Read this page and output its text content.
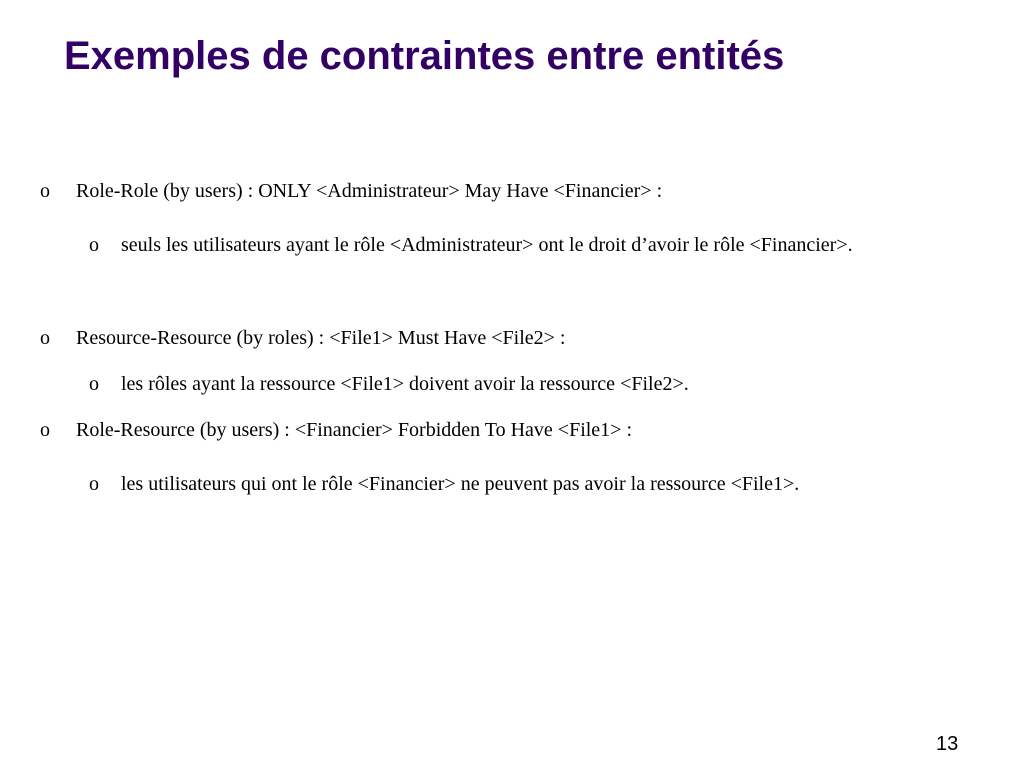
Exemples de contraintes entre entités
o Role-Role (by users) : ONLY <Administrateur> May Have <Financier> :
o seuls les utilisateurs ayant le rôle <Administrateur> ont le droit d’avoir le rôle <Financier>.
o Resource-Resource (by roles) : <File1> Must Have <File2> :
o les rôles ayant la ressource <File1> doivent avoir la ressource <File2>.
o Role-Resource (by users) : <Financier> Forbidden To Have <File1> :
o les utilisateurs qui ont le rôle <Financier> ne peuvent pas avoir la ressource <File1>.
13
